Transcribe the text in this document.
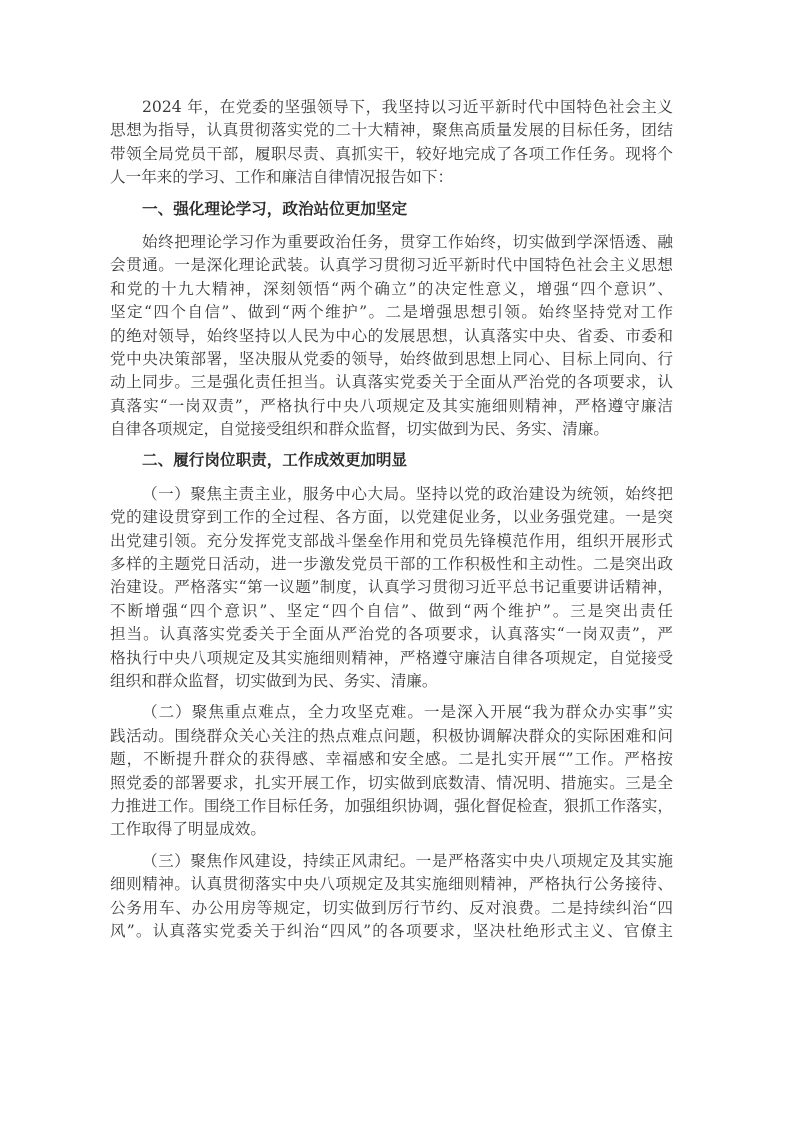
2024 年，在党委的坚强领导下，我坚持以习近平新时代中国特色社会主义
思想为指导，认真贯彻落实党的二十大精神，聚焦高质量发展的目标任务，团结
带领全局党员干部，履职尽责、真抓实干，较好地完成了各项工作任务。现将个
人一年来的学习、工作和廉洁自律情况报告如下：
一、强化理论学习，政治站位更加坚定
始终把理论学习作为重要政治任务，贯穿工作始终，切实做到学深悟透、融
会贯通。一是深化理论武装。认真学习贯彻习近平新时代中国特色社会主义思想
和党的十九大精神，深刻领悟“两个确立”的决定性意义，增强“四个意识”、
坚定“四个自信”、做到“两个维护”。二是增强思想引领。始终坚持党对工作
的绝对领导，始终坚持以人民为中心的发展思想，认真落实中央、省委、市委和
党中央决策部署，坚决服从党委的领导，始终做到思想上同心、目标上同向、行
动上同步。三是强化责任担当。认真落实党委关于全面从严治党的各项要求，认
真落实“一岗双责”，严格执行中央八项规定及其实施细则精神，严格遵守廉洁
自律各项规定，自觉接受组织和群众监督，切实做到为民、务实、清廉。
二、履行岗位职责，工作成效更加明显
（一）聚焦主责主业，服务中心大局。坚持以党的政治建设为统领，始终把
党的建设贯穿到工作的全过程、各方面，以党建促业务，以业务强党建。一是突
出党建引领。充分发挥党支部战斗堡垒作用和党员先锋模范作用，组织开展形式
多样的主题党日活动，进一步激发党员干部的工作积极性和主动性。二是突出政
治建设。严格落实“第一议题”制度，认真学习贯彻习近平总书记重要讲话精神，
不断增强“四个意识”、坚定“四个自信”、做到“两个维护”。三是突出责任
担当。认真落实党委关于全面从严治党的各项要求，认真落实“一岗双责”，严
格执行中央八项规定及其实施细则精神，严格遵守廉洁自律各项规定，自觉接受
组织和群众监督，切实做到为民、务实、清廉。
（二）聚焦重点难点，全力攻坚克难。一是深入开展“我为群众办实事”实
践活动。围绕群众关心关注的热点难点问题，积极协调解决群众的实际困难和问
题，不断提升群众的获得感、幸福感和安全感。二是扎实开展“”工作。严格按
照党委的部署要求，扎实开展工作，切实做到底数清、情况明、措施实。三是全
力推进工作。围绕工作目标任务，加强组织协调，强化督促检查，狠抓工作落实，
工作取得了明显成效。
（三）聚焦作风建设，持续正风肃纪。一是严格落实中央八项规定及其实施
细则精神。认真贯彻落实中央八项规定及其实施细则精神，严格执行公务接待、
公务用车、办公用房等规定，切实做到厉行节约、反对浪费。二是持续纠治“四
风”。认真落实党委关于纠治“四风”的各项要求，坚决杜绝形式主义、官僚主
